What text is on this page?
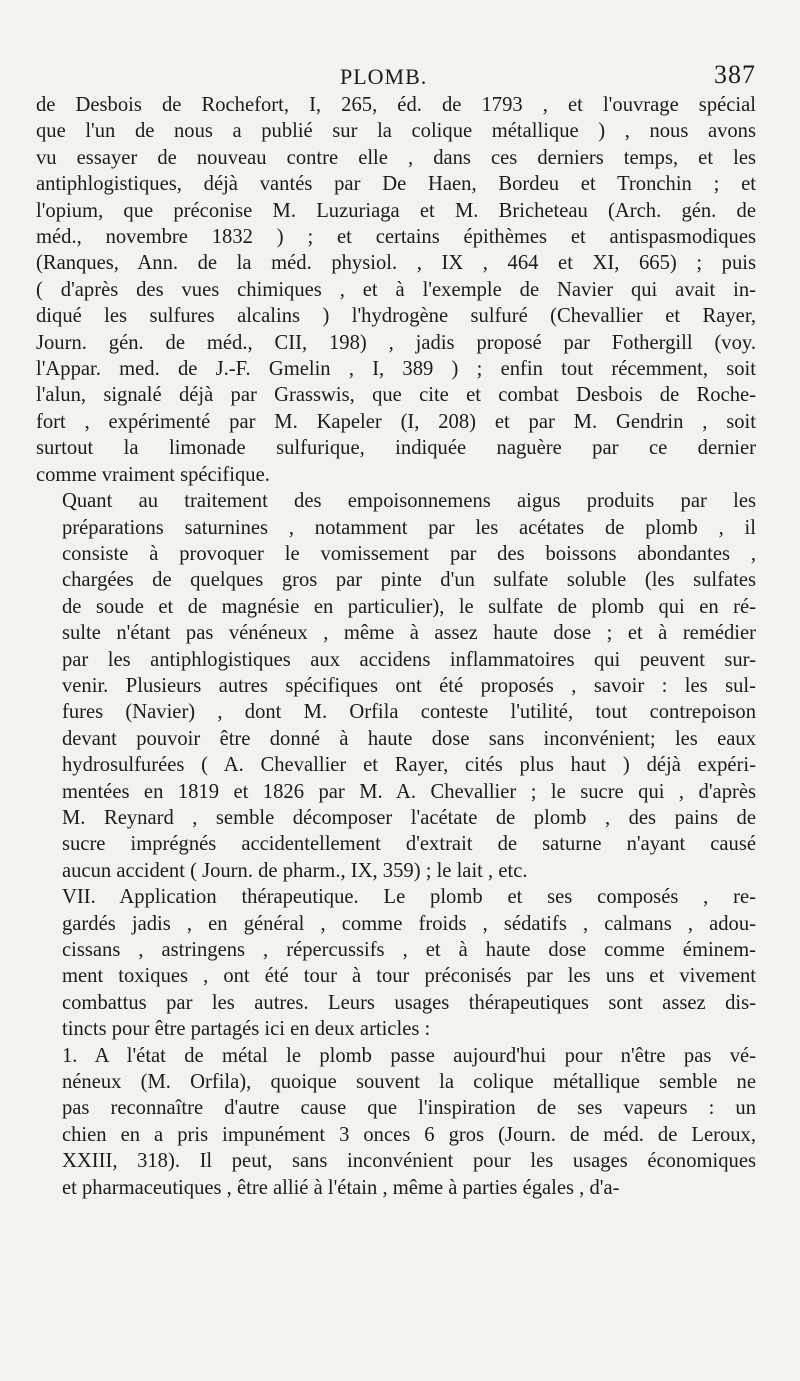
PLOMB.	387

de Desbois de Rochefort, I, 265, éd. de 1793 , et l'ouvrage spécial
que l'un de nous a publié sur la colique métallique ) , nous avons
vu essayer de nouveau contre elle , dans ces derniers temps, et les
antiphlogistiques, déjà vantés par De Haen, Bordeu et Tronchin ; et
l'opium, que préconise M. Luzuriaga et M. Bricheteau (Arch. gén. de
méd., novembre 1832 ) ; et certains épithèmes et antispasmodiques
(Ranques, Ann. de la méd. physiol. , IX , 464 et XI, 665) ; puis
( d'après des vues chimiques , et à l'exemple de Navier qui avait in-
diqué les sulfures alcalins ) l'hydrogène sulfuré (Chevallier et Rayer,
Journ. gén. de méd., CII, 198) , jadis proposé par Fothergill (voy.
l'Appar. med. de J.-F. Gmelin , I, 389 ) ; enfin tout récemment, soit
l'alun, signalé déjà par Grasswis, que cite et combat Desbois de Roche-
fort , expérimenté par M. Kapeler (I, 208) et par M. Gendrin , soit
surtout la limonade sulfurique, indiquée naguère par ce dernier
comme vraiment spécifique.

Quant au traitement des empoisonnemens aigus produits par les
préparations saturnines , notamment par les acétates de plomb , il
consiste à provoquer le vomissement par des boissons abondantes ,
chargées de quelques gros par pinte d'un sulfate soluble (les sulfates
de soude et de magnésie en particulier), le sulfate de plomb qui en ré-
sulte n'étant pas vénéneux , même à assez haute dose ; et à remédier
par les antiphlogistiques aux accidens inflammatoires qui peuvent sur-
venir. Plusieurs autres spécifiques ont été proposés , savoir : les sul-
fures (Navier) , dont M. Orfila conteste l'utilité, tout contrepoison
devant pouvoir être donné à haute dose sans inconvénient; les eaux
hydrosulfurées ( A. Chevallier et Rayer, cités plus haut ) déjà expéri-
mentées en 1819 et 1826 par M. A. Chevallier ; le sucre qui , d'après
M. Reynard , semble décomposer l'acétate de plomb , des pains de
sucre imprégnés accidentellement d'extrait de saturne n'ayant causé
aucun accident ( Journ. de pharm., IX, 359) ; le lait , etc.

VII. Application thérapeutique. Le plomb et ses composés , re-
gardés jadis , en général , comme froids , sédatifs , calmans , adou-
cissans , astringens , répercussifs , et à haute dose comme éminem-
ment toxiques , ont été tour à tour préconisés par les uns et vivement
combattus par les autres. Leurs usages thérapeutiques sont assez dis-
tincts pour être partagés ici en deux articles :

1. A l'état de métal le plomb passe aujourd'hui pour n'être pas vé-
néneux (M. Orfila), quoique souvent la colique métallique semble ne
pas reconnaître d'autre cause que l'inspiration de ses vapeurs : un
chien en a pris impunément 3 onces 6 gros (Journ. de méd. de Leroux,
XXIII, 318). Il peut, sans inconvénient pour les usages économiques
et pharmaceutiques , être allié à l'étain , même à parties égales , d'a-
